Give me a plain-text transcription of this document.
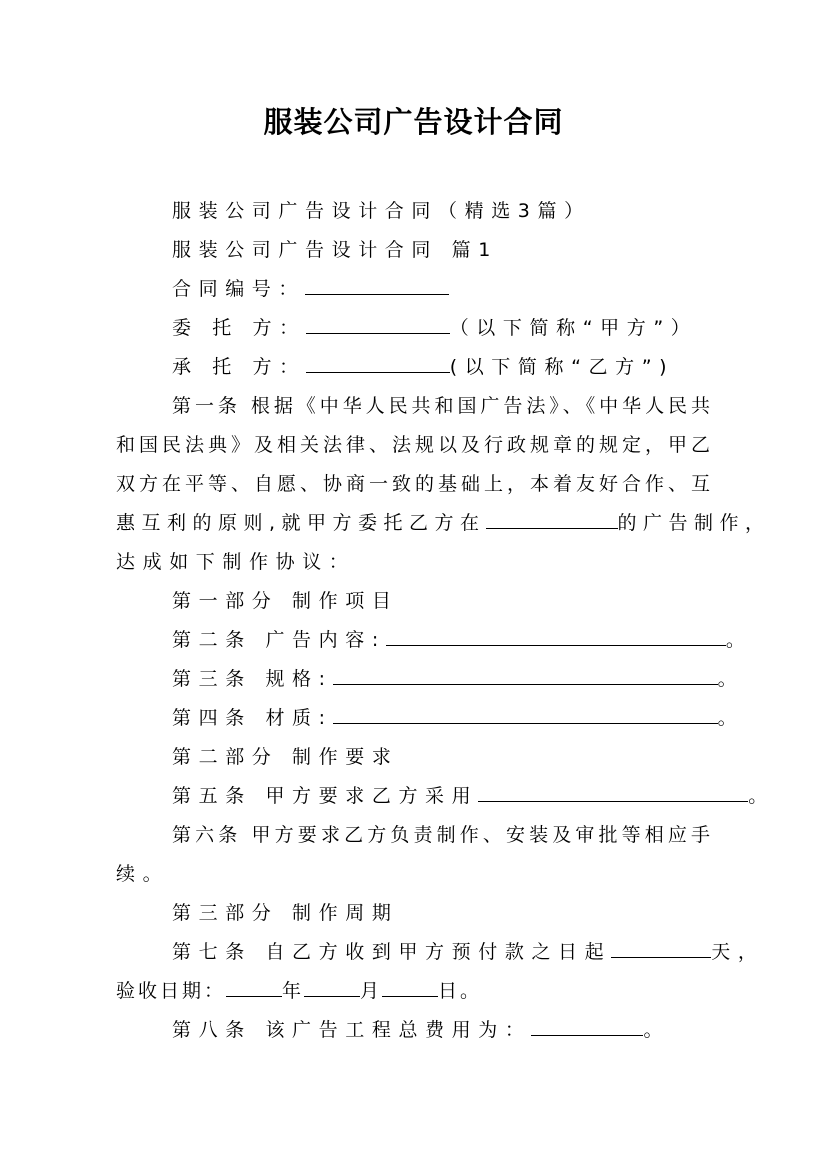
服装公司广告设计合同
服装公司广告设计合同（精选3篇）
服装公司广告设计合同 篇1
合同编号：
委 托 方：	（以下简称“甲方”）
承 托 方：	(以下简称“乙方”)
第一条 根据《中华人民共和国广告法》、《中华人民共
和国民法典》及相关法律、法规以及行政规章的规定，甲乙
双方在平等、自愿、协商一致的基础上，本着友好合作、互
惠互利的原则,就甲方委托乙方在	的广告制作，
达成如下制作协议：
第一部分 制作项目
第二条 广告内容:	。
第三条 规格:	。
第四条 材质:	。
第二部分 制作要求
第五条 甲方要求乙方采用	。
第六条 甲方要求乙方负责制作、安装及审批等相应手
续。
第三部分 制作周期
第七条 自乙方收到甲方预付款之日起	天，
验收日期：	年	月	日。
第八条 该广告工程总费用为：	。
